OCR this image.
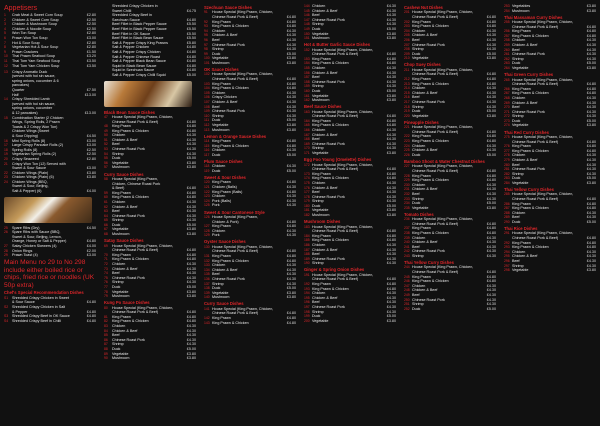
Appetisers
1	Crab Meat & Sweet Corn Soup	£2.80
2	Chicken & Sweet Corn Soup	£2.50
3	Chicken & Mushroom Soup	£2.50
4	Chicken & Noodle Soup	£2.50
5	Won Ton Soup	£2.80
6	Prawn Won Ton Soup	£3.00
7	Hot & Sour Soup	£2.80
8	Vegetarian Hot & Sour Soup	£2.80
9	Prawn Crackers	£1.50
10	Thai Prawn Seafood Soup	£3.20
11	Thai Tom Yam Seafood Soup	£3.50
12	Thai Tom Yam Chicken Soup	£3.50
13	Crispy Aromatic Duck
(served with hoi sin sauce,
spring onions, cucumber & 6
pancakes)
Quarter	£7.50
Half	£13.00
14	Crispy Shredded Lamb
(served with hoi sin sauce,
spring onions, cucumber
& 12 pancakes)	£13.00
15	Combination Starter (2 Chicken
Wings, Spring Rolls, 2 Prawn
Toasts & 2 Crispy Won Ton)
Chicken Wings (Sweet
& Sour Dipping)	£4.50
16	Mini Spring Rolls (8)	£3.00
17	Large Crispy Pancake Rolls (2)	£3.00
18	Spring Rolls (8)	£2.50
19	Vegetarian Spring Rolls (2)	£2.50
20	Crispy Seaweed	£2.80
21	Crispy Won Ton (12) Served with
Sweet & Sour Sauce	£3.00
22	Chicken Wings (Plain)	£3.80
23	Chicken Wings (Plain) (6)	£3.80
24	Chicken Wings (BBQ,
Sweet & Sour, Beijing,
Salt & Pepper) (6)	£4.00
25	Spare Ribs (Dry)	£4.50
26	Spare Ribs with Sauce (BBQ,
Sweet & Sour, Beijing, Lemon,
Orange, Honey or Salt & Pepper)	£4.80
27	Satay Chicken Skewers (4)	£4.00
28	Onion Rings	£2.00
29	Prawn Toast (4)	£3.00
Main Menu no 29 to No 298 include either boiled rice or chips, fried rice or noodles (UK 50p extra)
Chef's Special Recommendation Dishes
S1	Shredded Crispy Chicken in Sweet
& Sour Sauce	£4.80
S2	Shredded Crispy Chicken in Salt
& Pepper	£4.80
S3	Shredded Crispy Beef in OK Sauce	£4.80
S4	Shredded Crispy Beef in Chilli	£4.80
Shredded Crispy Chicken in
Sweet Chilli	£4.75
Shredded Crispy Beef in
Szechuan Sauce	£4.80
Beef Fillet in Black Pepper Sauce	£5.50
Beef Fillet in Black Pepper Sauce	£5.50
Beef Fillet in OK Sauce	£5.50
Beef Fillet in Black Bean Sauce	£5.50
Salt & Pepper Crispy King Prawns	£5.80
Salt & Pepper Chicken	£4.80
Salt & Pepper Crispy Chicken	£4.80
Salt & Pepper Chinese Roast	£4.80
Salt & Pepper Black Bean Sauce	£4.80
Squid in Black Bean Sauce	£4.80
Squid in Szechuan Sauce	£4.80
Salt & Pepper Crispy Chilli Squid	£5.00
Black Bean Sauce Dishes
47	House Special (King Prawn, Chicken,
Chinese Roast Pork & Beef)	£4.80
48	King Prawn	£4.80
49	King Prawn & Chicken	£4.80
50	Chicken	£4.30
51	Chicken & Beef	£4.30
52	Beef	£4.30
53	Chinese Roast Pork	£4.30
54	Shrimp	£4.30
55	Duck	£5.00
56	Vegetable	£3.80
57	Mushroom	£3.80
Curry Sauce Dishes
58	House Special (King Prawn,
Chicken, Chinese Roast Pork
& Beef)	£4.80
59	King Prawn	£4.80
60	King Prawn & Chicken	£4.80
61	Chicken	£4.30
62	Chicken & Beef	£4.30
63	Beef	£4.30
64	Chinese Roast Pork	£4.30
65	Shrimp	£4.30
66	Duck	£5.00
67	Vegetable	£3.80
68	Mushroom	£3.80
Satay Sauce Dishes
69	House Special (King Prawn, Chicken,
Chinese Roast Pork & Beef)	£4.80
70	King Prawn	£4.80
71	King Prawn & Chicken	£4.80
72	Chicken	£4.30
73	Chicken & Beef	£4.30
74	Beef	£4.30
75	Chinese Roast Pork	£4.30
76	Shrimp	£4.30
77	Duck	£5.00
78	Vegetable	£3.80
79	Mushroom	£3.80
Kung Po Sauce Dishes
80	House Special (King Prawn, Chicken,
Chinese Roast Pork & Beef)	£4.80
81	King Prawn	£4.80
82	King Prawn & Chicken	£4.80
83	Chicken	£4.30
84	Chicken & Beef	£4.30
85	Beef	£4.30
86	Chinese Roast Pork	£4.30
87	Shrimp	£4.30
88	Duck	£5.00
89	Vegetable	£3.80
90	Mushroom	£3.80
Szechuan Sauce Dishes
91	House Special (King Prawn, Chicken,
Chinese Roast Pork & Beef)	£4.80
92	King Prawn	£4.80
93	King Prawn & Chicken	£4.80
94	Chicken	£4.30
95	Chicken & Beef	£4.30
96	Beef	£4.30
97	Chinese Roast Pork	£4.30
98	Shrimp	£4.30
99	Duck	£5.00
100 Vegetable	£3.80
101 Mushroom	£3.80
OK Sauce Dishes
102 House Special (King Prawn, Chicken,
Chinese Roast Pork & Beef)	£4.80
103 King Prawn	£4.80
104 King Prawn & Chicken	£4.80
105 Chicken	£4.30
106 Crispy Chicken	£4.30
107 Chicken & Beef	£4.30
108 Beef	£4.30
109 Chinese Roast Pork	£4.30
110 Shrimp	£4.30
111 Duck	£5.00
112 Vegetable	£3.80
113 Mushroom	£3.80
Lemon & Orange Sauce Dishes
114 King Prawn	£4.80
115 King Prawn & Chicken	£4.80
116 Chicken	£4.30
117 Duck	£5.00
Plum Sauce Dishes
118 Chicken	£4.30
119 Duck	£5.00
Sweet & Sour Dishes
120 King Prawn	£4.80
121 Chicken (Balls)	£4.30
122 King Prawn (Balls)	£4.80
123 Chicken	£4.30
124 Pork (Balls)	£4.30
125 Pork	£4.30
Sweet & Sour Cantonese Style
126 House Special (King Prawn,
Chicken & Pork)	£4.80
127 King Prawn	£4.80
128 Chicken	£4.30
129 Pork	£4.30
Oyster Sauce Dishes
130 House Special (King Prawn, Chicken,
Chinese Roast Pork & Beef)	£4.80
131 King Prawn	£4.80
132 King Prawn & Chicken	£4.80
133 Chicken	£4.30
134 Chicken & Beef	£4.30
135 Beef	£4.30
136 Chinese Roast Pork	£4.30
137 Shrimp	£4.30
138 Duck	£5.00
139 Vegetable	£3.80
140 Mushroom	£3.80
Curry Sauce Dishes
141 House Special (King Prawn, Chicken,
Chinese Roast Pork & Beef)	£4.80
142 King Prawn	£4.80
143 King Prawn & Chicken	£4.80
144 Chicken	£4.30
145 Chicken & Beef	£4.30
146 Beef	£4.30
147 Chinese Roast Pork	£4.30
148 Shrimp	£4.30
149 Duck	£5.00
150 Vegetable	£3.80
151 Mushroom	£3.80
Hot & Butter Garlic Sauce Dishes
152 House Special (King Prawn, Chicken,
Chinese Roast Pork & Beef)	£4.80
153 King Prawn	£4.80
154 King Prawn & Chicken	£4.80
155 Chicken	£4.30
156 Chicken & Beef	£4.30
157 Beef	£4.30
158 Chinese Roast Pork	£4.30
159 Shrimp	£4.30
160 Duck	£5.00
161 Vegetable	£3.80
162 Mushroom	£3.80
Beef Sauce Dishes
163 House Special (King Prawn, Chicken,
Chinese Roast Pork & Beef)	£4.80
164 King Prawn	£4.80
165 King Prawn & Chicken	£4.80
166 Chicken	£4.30
167 Chicken & Beef	£4.30
168 Beef	£4.30
169 Chinese Roast Pork	£4.30
170 Shrimp	£4.30
171 Vegetable	£3.80
Egg Foo Young (Omelette) Dishes
172 House Special (King Prawn, Chicken,
Chinese Roast Pork & Beef)	£4.80
173 King Prawn	£4.80
174 King Prawn & Chicken	£4.80
175 Chicken	£4.30
176 Chicken & Beef	£4.30
177 Beef	£4.30
178 Chinese Roast Pork	£4.30
179 Shrimp	£4.30
180 Duck	£5.00
181 Vegetable	£3.80
182 Mushroom	£3.80
Mushroom Dishes
183 House Special (King Prawn, Chicken,
Chinese Roast Pork & Beef)	£4.80
184 King Prawn	£4.80
185 King Prawn & Chicken	£4.80
186 Chicken	£4.30
187 Chicken & Beef	£4.30
188 Beef	£4.30
189 Chinese Roast Pork	£4.30
190 Shrimp	£4.30
Ginger & Spring Onion Dishes
191 House Special (King Prawn, Chicken,
Chinese Roast Pork & Beef)	£4.80
192 King Prawn	£4.80
193 King Prawn & Chicken	£4.80
194 Chicken	£4.30
195 Chicken & Beef	£4.30
196 Beef	£4.30
197 Chinese Roast Pork	£4.30
198 Shrimp	£4.30
199 Duck	£5.00
200 Vegetable	£3.80
Cashew Nut Dishes
201 House Special (King Prawn, Chicken,
Chinese Roast Pork & Beef)	£4.80
202 King Prawn	£4.80
203 King Prawn & Chicken	£4.80
204 Chicken	£4.30
205 Chicken & Beef	£4.30
206 Beef	£4.30
207 Chinese Roast Pork	£4.30
208 Shrimp	£4.30
209 Duck	£5.00
210 Vegetable	£3.80
Chop Suey Dishes
211 House Special (King Prawn, Chicken,
Chinese Roast Pork & Beef)	£4.80
212 King Prawn	£4.80
213 King Prawn & Chicken	£4.80
214 Chicken	£4.30
215 Chicken & Beef	£4.30
216 Beef	£4.30
217 Chinese Roast Pork	£4.30
218 Shrimp	£4.30
219 Duck	£5.00
220 Vegetable	£3.80
Pineapple Dishes
221 House Special (King Prawn, Chicken,
Chinese Roast Pork & Beef)	£4.80
222 King Prawn	£4.80
223 King Prawn & Chicken	£4.80
224 Chicken	£4.30
225 Chicken & Beef	£4.30
226 Duck	£5.00
Bamboo Shoot & Water Chestnut Dishes
227 House Special (King Prawn, Chicken,
Chinese Roast Pork & Beef)	£4.80
228 King Prawn	£4.80
229 King Prawn & Chicken	£4.80
230 Chicken	£4.30
231 Chicken & Beef	£4.30
232 Beef	£4.30
233 Shrimp	£4.30
234 Duck	£5.00
235 Vegetable	£3.80
Tomato Dishes
236 House Special (King Prawn, Chicken,
Chinese Roast Pork & Beef)	£4.80
237 King Prawn	£4.80
238 King Prawn & Chicken	£4.80
239 Chicken	£4.30
240 Chicken & Beef	£4.30
241 Beef	£4.30
242 Chinese Roast Pork	£4.30
243 Shrimp	£4.30
Thai Yellow Curry Dishes
244 House Special (King Prawn, Chicken,
Chinese Roast Pork & Beef)	£4.80
245 King Prawn	£4.80
246 King Prawn & Chicken	£4.80
247 Chicken	£4.30
248 Chicken & Beef	£4.30
249 Beef	£4.30
250 Chinese Roast Pork	£4.30
251 Shrimp	£4.30
252 Duck	£5.00
253 Vegetables	£3.80
254 Mushroom	£3.80
Thai Massaman Curry Dishes
255 House Special (King Prawn, Chicken,
Chinese Roast Pork & Beef)	£4.80
256 King Prawn	£4.80
257 King Prawn & Chicken	£4.80
258 Chicken	£4.30
259 Chicken & Beef	£4.30
260 Beef	£4.30
261 Chinese Roast Pork	£4.30
262 Shrimp	£4.30
263 Duck	£5.00
264 Vegetable	£3.80
Thai Green Curry Dishes
265 House Special (King Prawn, Chicken,
Chinese Roast Pork & Beef)	£4.80
266 King Prawn	£4.80
267 King Prawn & Chicken	£4.80
268 Chicken	£4.30
269 Chicken & Beef	£4.30
270 Beef	£4.30
271 Chinese Roast Pork	£4.30
272 Shrimp	£4.30
273 Duck	£5.00
274 Vegetable	£3.80
Thai Red Curry Dishes
275 House Special (King Prawn, Chicken,
Chinese Roast Pork & Beef)	£4.80
276 King Prawn	£4.80
277 King Prawn & Chicken	£4.80
278 Chicken	£4.30
279 Chicken & Beef	£4.30
280 Beef	£4.30
281 Chinese Roast Pork	£4.30
282 Shrimp	£4.30
283 Duck	£5.00
284 Vegetable	£3.80
Thai Yellow Curry Dishes
285 House Special (King Prawn, Chicken,
Chinese Roast Pork & Beef)	£4.80
286 King Prawn	£4.80
287 King Prawn & Chicken	£4.80
288 Chicken	£4.30
289 Beef	£4.30
290 Duck	£5.00
Thai Rice Dishes
291 House Special (King Prawn, Chicken,
Chinese Roast Pork & Beef)	£4.80
292 King Prawn	£4.80
293 King Prawn & Chicken	£4.80
294 Chicken	£4.30
295 Chicken & Beef	£4.30
296 Beef	£4.30
297 Shrimp	£4.30
298 Vegetable	£3.80
